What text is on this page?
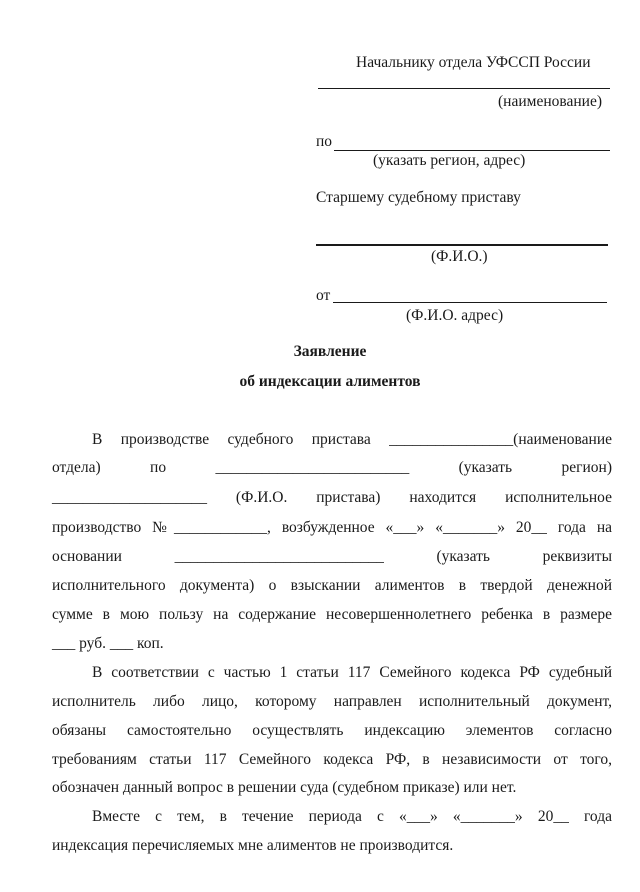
Начальнику отдела УФССП России
(наименование)
по
(указать регион, адрес)
Старшему судебному приставу
(Ф.И.О.)
от
(Ф.И.О. адрес)
Заявление
об индексации алиментов
В производстве судебного пристава ________________(наименование
отдела) по _________________________ (указать регион)
____________________ (Ф.И.О. пристава) находится исполнительное
производство №____________, возбужденное «___» «_______» 20__ года на
основании ___________________________ (указать реквизиты
исполнительного документа) о взыскании алиментов в твердой денежной
сумме в мою пользу на содержание несовершеннолетнего ребенка в размере
___ руб. ___ коп.
В соответствии с частью 1 статьи 117 Семейного кодекса РФ судебный
исполнитель либо лицо, которому направлен исполнительный документ,
обязаны самостоятельно осуществлять индексацию элементов согласно
требованиям статьи 117 Семейного кодекса РФ, в независимости от того,
обозначен данный вопрос в решении суда (судебном приказе) или нет.
Вместе с тем, в течение периода с «___» «_______» 20__ года
индексация перечисляемых мне алиментов не производится.
